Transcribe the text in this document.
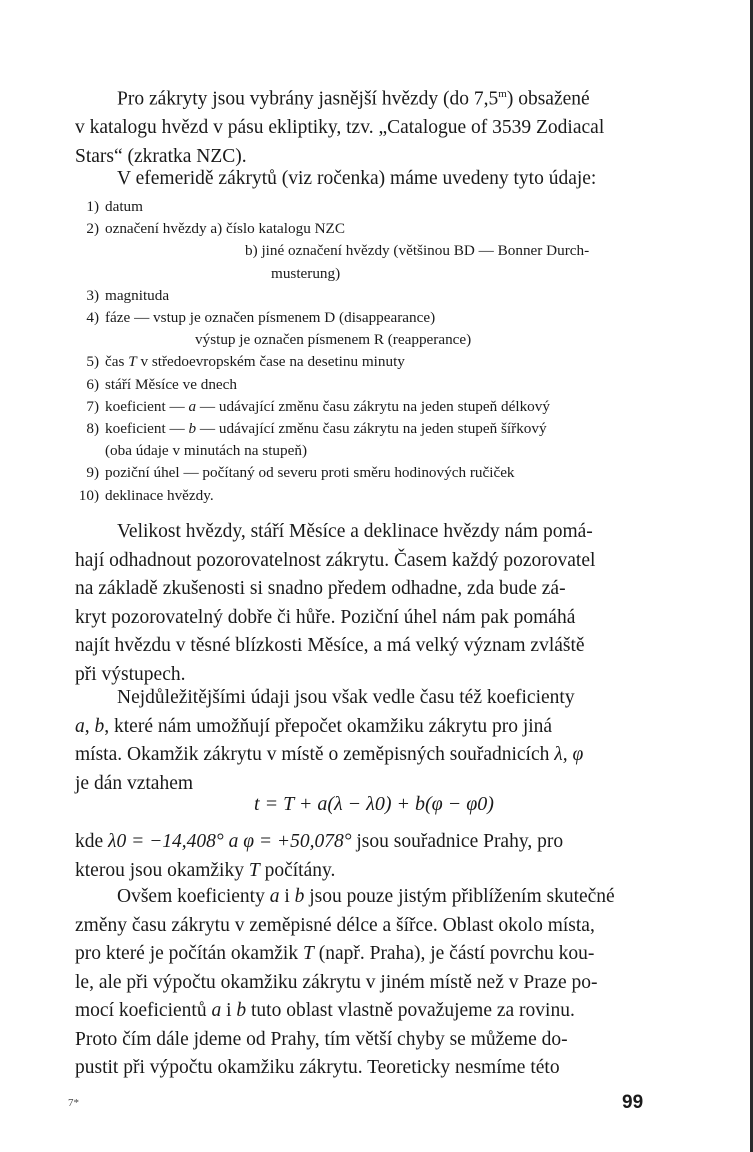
Pro zákryty jsou vybrány jasnější hvězdy (do 7,5$^m$) obsažené
v katalogu hvězd v pásu ekliptiky, tzv. „Catalogue of 3539 Zodiacal
Stars“ (zkratka NZC).

V efemeridě zákrytů (viz ročenka) máme uvedeny tyto údaje:

1) datum
2) označení hvězdy a) číslo katalogu NZC
b) jiné označení hvězdy (většinou BD — Bonner Durch-
musterung)
3) magnituda
4) fáze — vstup je označen písmenem D (disappearance)
výstup je označen písmenem R (reapperance)
5) čas T v středoevropském čase na desetinu minuty
6) stáří Měsíce ve dnech
7) koeficient — a — udávající změnu času zákrytu na jeden stupeň délkový
8) koeficient — b — udávající změnu času zákrytu na jeden stupeň šířkový
(oba údaje v minutách na stupeň)
9) poziční úhel — počítaný od severu proti směru hodinových ručiček
10) deklinace hvězdy.

Velikost hvězdy, stáří Měsíce a deklinace hvězdy nám pomá-
hají odhadnout pozorovatelnost zákrytu. Časem každý pozorovatel
na základě zkušenosti si snadno předem odhadne, zda bude zá-
kryt pozorovatelný dobře či hůře. Poziční úhel nám pak pomáhá
najít hvězdu v těsné blízkosti Měsíce, a má velký význam zvláště
při výstupech.

Nejdůležitějšími údaji jsou však vedle času též koeficienty
a, b, které nám umožňují přepočet okamžiku zákrytu pro jiná
místa. Okamžik zákrytu v místě o zeměpisných souřadnicích λ, φ
je dán vztahem

t = T + a(λ − λ0) + b(φ − φ0)

kde λ0 = −14,408° a φ = +50,078° jsou souřadnice Prahy, pro
kterou jsou okamžiky T počítány.

Ovšem koeficienty a i b jsou pouze jistým přiblížením skutečné
změny času zákrytu v zeměpisné délce a šířce. Oblast okolo místa,
pro které je počítán okamžik T (např. Praha), je částí povrchu kou-
le, ale při výpočtu okamžiku zákrytu v jiném místě než v Praze po-
mocí koeficientů a i b tuto oblast vlastně považujeme za rovinu.
Proto čím dále jdeme od Prahy, tím větší chyby se můžeme do-
pustit při výpočtu okamžiku zákrytu. Teoreticky nesmíme této

7*	99
